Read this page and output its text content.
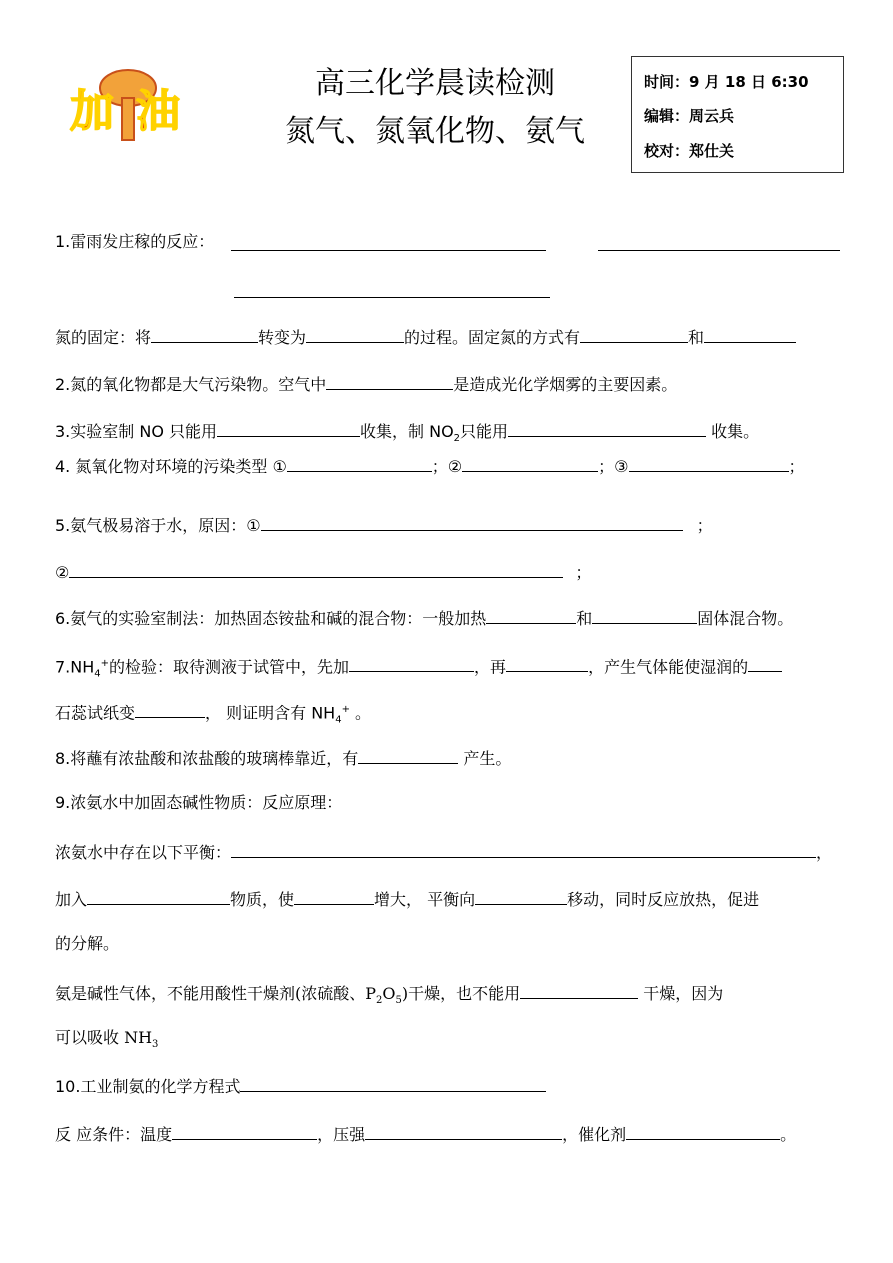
加 油
高三化学晨读检测
氮气、氮氧化物、氨气
时间：9 月 18 日 6:30
编辑：周云兵
校对：郑仕关
1.雷雨发庄稼的反应：
氮的固定：将	转变为	的过程。固定氮的方式有	和
2.氮的氧化物都是大气污染物。空气中	是造成光化学烟雾的主要因素。
3.实验室制 NO 只能用	收集，制 $NO_2$只能用	收集。
4. 氮氧化物对环境的污染类型 ①	；②	；③	；
5.氨气极易溶于水，原因：①	；
②	；
6.氨气的实验室制法：加热固态铵盐和碱的混合物：一般加热	和	固体混合物。
$7.NH_4^+$的检验：取待测液于试管中，先加	，再	，产生气体能使湿润的
石蕊试纸变	， 则证明含有 $NH_4^+$ 。
8.将蘸有浓盐酸和浓盐酸的玻璃棒靠近，有	产生。
9.浓氨水中加固态碱性物质：反应原理：
浓氨水中存在以下平衡：	，
加入	物质，使	增大， 平衡向	移动，同时反应放热，促进
的分解。
氨是碱性气体，不能用酸性干燥剂(浓硫酸、$P_2O_5$)干燥，也不能用	干燥，因为
可以吸收 $NH_3$
10.工业制氨的化学方程式
反 应条件：温度	，压强	，催化剂	。
